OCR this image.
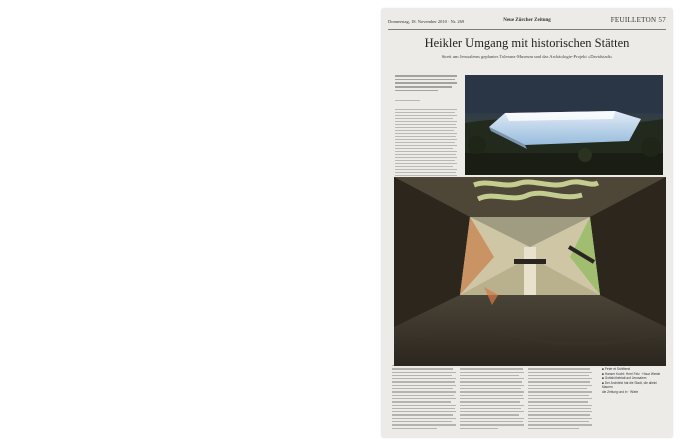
Donnerstag, 18. November 2010 · Nr. 269	Neue Zürcher Zeitung	FEUILLETON 57
Heikler Umgang mit historischen Stätten
Streit um Jerusalems geplantes Toleranz-Museum und das Archäologie-Projekt «Davidstadt»
■ Peter et Schiftend
■ Hanser Kocht: Herri Felz · Hauz Werde
■ Gottshöheblatt auf Jerusalem
■ Der Architekt hat die Stadt, die alleini Mauern
die Zeitung und in · Wiele
